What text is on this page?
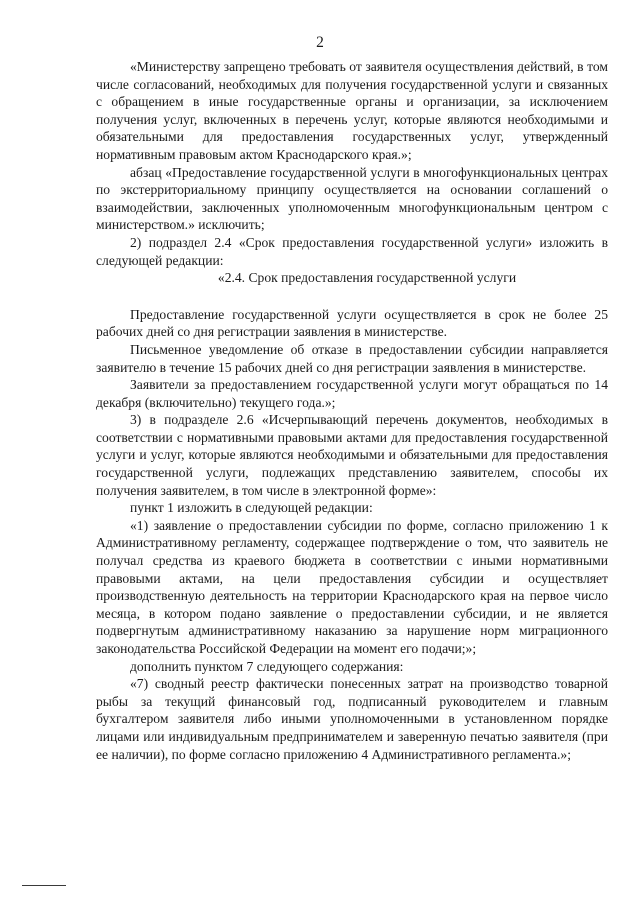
2

«Министерству запрещено требовать от заявителя осуществления действий, в том числе согласований, необходимых для получения государственной услуги и связанных с обращением в иные государственные органы и организации, за исключением получения услуг, включенных в перечень услуг, которые являются необходимыми и обязательными для предоставления государственных услуг, утвержденный нормативным правовым актом Краснодарского края.»;

абзац «Предоставление государственной услуги в многофункциональных центрах по экстерриториальному принципу осуществляется на основании соглашений о взаимодействии, заключенных уполномоченным многофункциональным центром с министерством.» исключить;

2) подраздел 2.4 «Срок предоставления государственной услуги» изложить в следующей редакции:

«2.4. Срок предоставления государственной услуги

Предоставление государственной услуги осуществляется в срок не более 25 рабочих дней со дня регистрации заявления в министерстве.

Письменное уведомление об отказе в предоставлении субсидии направляется заявителю в течение 15 рабочих дней со дня регистрации заявления в министерстве.

Заявители за предоставлением государственной услуги могут обращаться по 14 декабря (включительно) текущего года.»;

3) в подразделе 2.6 «Исчерпывающий перечень документов, необходимых в соответствии с нормативными правовыми актами для предоставления государственной услуги и услуг, которые являются необходимыми и обязательными для предоставления государственной услуги, подлежащих представлению заявителем, способы их получения заявителем, в том числе в электронной форме»:

пункт 1 изложить в следующей редакции:

«1) заявление о предоставлении субсидии по форме, согласно приложению 1 к Административному регламенту, содержащее подтверждение о том, что заявитель не получал средства из краевого бюджета в соответствии с иными нормативными правовыми актами, на цели предоставления субсидии и осуществляет производственную деятельность на территории Краснодарского края на первое число месяца, в котором подано заявление о предоставлении субсидии, и не является подвергнутым административному наказанию за нарушение норм миграционного законодательства Российской Федерации на момент его подачи;»;

дополнить пунктом 7 следующего содержания:

«7) сводный реестр фактически понесенных затрат на производство товарной рыбы за текущий финансовый год, подписанный руководителем и главным бухгалтером заявителя либо иными уполномоченными в установленном порядке лицами или индивидуальным предпринимателем и заверенную печатью заявителя (при ее наличии), по форме согласно приложению 4 Административного регламента.»;
